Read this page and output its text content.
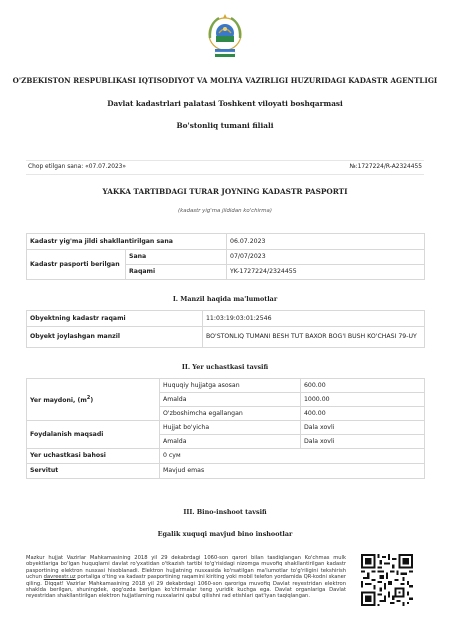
O'ZBEKISTON RESPUBLIKASI IQTISODIYOT VA MOLIYA VAZIRLIGI HUZURIDAGI KADASTR AGENTLIGI
Davlat kadastrlari palatasi Toshkent viloyati boshqarmasi
Bo'stonliq tumani filiali
Chop etilgan sana: «07.07.2023»	№:1727224/R-A2324455
YAKKA TARTIBDAGI TURAR JOYNING KADASTR PASPORTI
(kadastr yig'ma jildidan ko'chirma)
Kadastr yig'ma jildi shakllantirilgan sana		06.07.2023
Kadastr pasporti berilgan	Sana	07/07/2023
	Raqami	YK-1727224/2324455
I. Manzil haqida ma'lumotlar
Obyektning kadastr raqami	11:03:19:03:01:2546
Obyekt joylashgan manzil	BO'STONLIQ TUMANI BESH TUT BAXOR BOG'I BUSH KO'CHASI 79-UY
II. Yer uchastkasi tavsifi
Yer maydoni, $(m^2)$	Huquqiy hujjatga asosan	600.00
	Amalda	1000.00
	O'zboshimcha egallangan	400.00
Foydalanish maqsadi	Hujjat bo'yicha	Dala xovli
	Amalda	Dala xovli
Yer uchastkasi bahosi	0 сум	
Servitut	Mavjud emas	
III. Bino-inshoot tavsifi
Egalik xuquqi mavjud bino inshootlar
Mazkur hujjat Vazirlar Mahkamasining 2018 yil 29 dekabrdagi 1060-son qarori bilan tasdiqlangan Ko'chmas mulk obyektlariga bo'lgan huquqlarni davlat ro'yxatidan o'tkazish tartibi to'g'risidagi nizomga muvofiq shakllantirilgan kadastr pasportining elektron nusxasi hisoblanadi. Elektron hujjatning nusxasida ko'rsatilgan ma'lumotlar to'g'riligini tekshirish uchun davreestr.uz portaliga o'ting va kadastr pasportining raqamini kiriting yoki mobil telefon yordamida QR-kodni skaner qiling. Diqqat! Vazirlar Mahkamasining 2018 yil 29 dekabrdagi 1060-son qaroriga muvofiq Davlat reyestridan elektron shaklda berilgan, shuningdek, qog'ozda berilgan ko'chirmalar teng yuridik kuchga ega. Davlat organlariga Davlat reyestridan shakllantirilgan elektron hujjatlarning nusxalarini qabul qilishni rad etishlari qat'iyan taqiqlangan.
